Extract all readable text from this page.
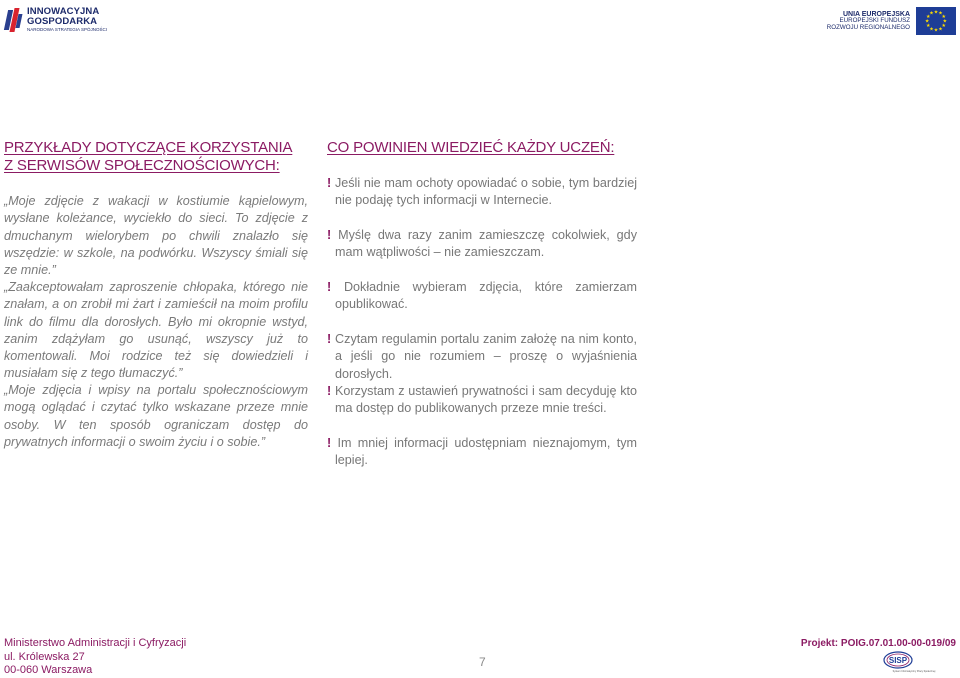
INNOWACYJNA
GOSPODARKA
NARODOWA STRATEGIA SPÓJNOŚCI
UNIA EUROPEJSKA
EUROPEJSKI FUNDUSZ
ROZWOJU REGIONALNEGO
★ ★
★
★
★
★
★
★
★
★
★
★
PRZYKŁADY DOTYCZĄCE KORZYSTANIA
Z SERWISÓW SPOŁECZNOŚCIOWYCH:

„Moje zdjęcie z wakacji w kostiumie kąpielowym, wysłane koleżance, wyciekło do sieci. To zdjęcie z dmuchanym wielorybem po chwili znalazło się wszędzie: w szkole, na podwórku. Wszyscy śmiali się ze mnie.”

„Zaakceptowałam zaproszenie chłopaka, którego nie znałam, a on zrobił mi żart i zamieścił na moim profilu link do filmu dla dorosłych. Było mi okropnie wstyd, zanim zdążyłam go usunąć, wszyscy już to komentowali. Moi rodzice też się dowiedzieli i musiałam się z tego tłumaczyć.”

„Moje zdjęcia i wpisy na portalu społecznościowym mogą oglądać i czytać tylko wskazane przeze mnie osoby. W ten sposób ograniczam dostęp do prywatnych informacji o swoim życiu i o sobie.”

CO POWINIEN WIEDZIEĆ KAŻDY UCZEŃ:

! Jeśli nie mam ochoty opowiadać o sobie, tym bardziej nie podaję tych informacji w Internecie.

! Myślę dwa razy zanim zamieszczę cokolwiek, gdy mam wątpliwości – nie zamieszczam.

! Dokładnie wybieram zdjęcia, które zamierzam opublikować.

! Czytam regulamin portalu zanim założę na nim konto, a jeśli go nie rozumiem – proszę o wyjaśnienia dorosłych.

! Korzystam z ustawień prywatności i sam decyduję kto ma dostęp do publikowanych przeze mnie treści.

! Im mniej informacji udostępniam nieznajomym, tym lepiej.

Ministerstwo Administracji i Cyfryzacji
ul. Królewska 27
00-060 Warszawa
7
Projekt: POIG.07.01.00-00-019/09
SISP
System Informatyczny Pracy Społecznej
